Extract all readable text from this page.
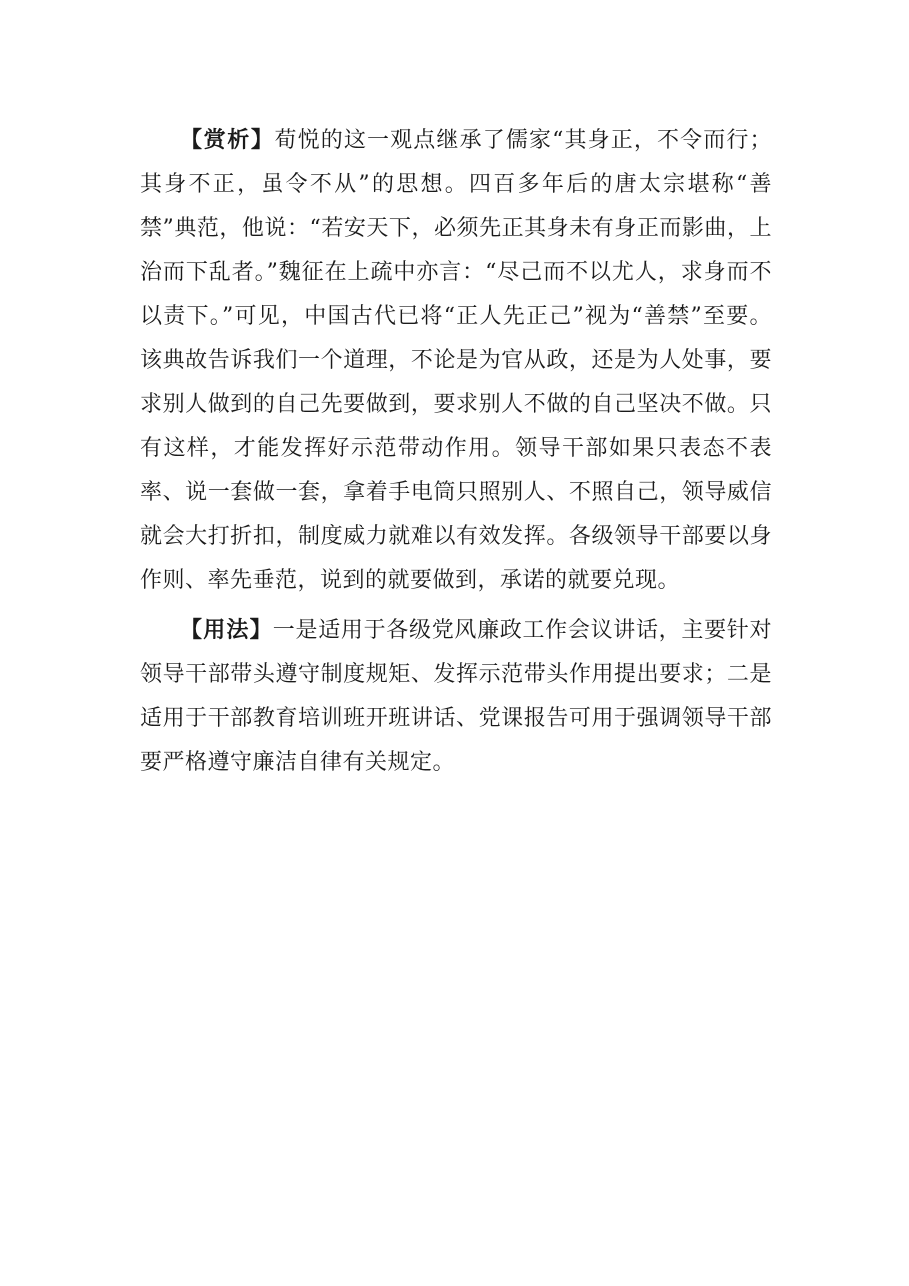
【赏析】荀悦的这一观点继承了儒家“其身正，不令而行；其身不正，虽令不从”的思想。四百多年后的唐太宗堪称“善禁”典范，他说：“若安天下，必须先正其身未有身正而影曲，上治而下乱者。”魏征在上疏中亦言：“尽己而不以尤人，求身而不以责下。”可见，中国古代已将“正人先正己”视为“善禁”至要。该典故告诉我们一个道理，不论是为官从政，还是为人处事，要求别人做到的自己先要做到，要求别人不做的自己坚决不做。只有这样，才能发挥好示范带动作用。领导干部如果只表态不表率、说一套做一套，拿着手电筒只照别人、不照自己，领导威信就会大打折扣，制度威力就难以有效发挥。各级领导干部要以身作则、率先垂范，说到的就要做到，承诺的就要兑现。

【用法】一是适用于各级党风廉政工作会议讲话，主要针对领导干部带头遵守制度规矩、发挥示范带头作用提出要求；二是适用于干部教育培训班开班讲话、党课报告可用于强调领导干部要严格遵守廉洁自律有关规定。
